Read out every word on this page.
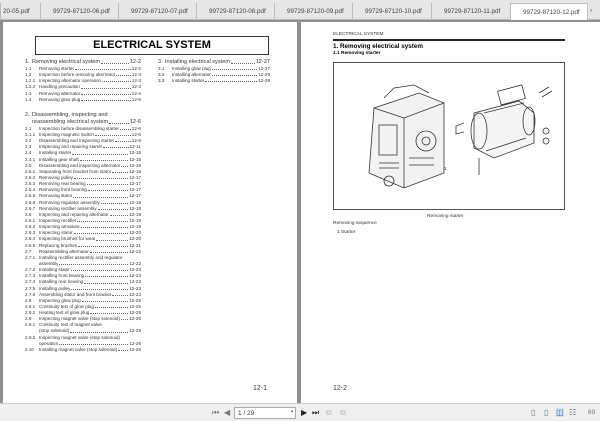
20-05.pdf	99729-87120-06.pdf	99729-87120-07.pdf	99729-87120-08.pdf	99729-87120-09.pdf	99729-87120-10.pdf	99729-87120-11.pdf	99729-87120-12.pdf	›
ELECTRICAL SYSTEM
1. Removing electrical system	12-2
1.1	Removing starter	12-2
1.2	Inspection before removing alternator	12-3
1.2.1 Inspecting alternator operation	12-3
1.2.2 Handling precaution	12-3
1.3	Removing alternator	12-4
1.4	Removing glow plug	12-5
2. Disassembling, inspecting and
reassembling electrical system	12-6
2.1	Inspection before disassembling starter	12-6
2.1.1 Inspecting magnetic switch	12-6
2.2	Disassembling and inspecting starter	12-8
2.3	Inspecting and repairing starter	12-11
2.4	Installing starter	12-15
2.4.1 Installing gear shaft	12-15
2.5	Disassembling and inspecting alternator 12-16
2.5.1 Separating front bracket from stator	12-16
2.5.2 Removing pulley	12-17
2.5.3 Removing rear bearing	12-17
2.5.4 Removing front bearing	12-17
2.5.5 Removing stator	12-17
2.5.6 Removing regulator assembly	12-18
2.5.7 Removing rectifier assembly	12-18
2.6	Inspecting and repairing alternator	12-19
2.6.1 Inspecting rectifier	12-19
2.6.2 Inspecting armature	12-19
2.6.3 Inspecting stator	12-20
2.6.4 Inspecting brushes for wear	12-20
2.6.5 Replacing brushes	12-21
2.7	Reassembling alternator	12-22
2.7.1 Installing rectifier assembly and regulator
assembly	12-22
2.7.2 Installing stator	12-23
2.7.3 Installing front bearing	12-23
2.7.4 Installing rear bearing	12-23
2.7.5 Installing pulley	12-23
2.7.6 Assembling stator and front bracket	12-24
2.8	Inspecting glow plug	12-25
2.8.1 Continuity test of glow plug	12-25
2.8.2 Heating test of glow plug	12-25
2.9	Inspecting magnet valve (stop solenoid) 12-26
2.9.1 Continuity test of magnet valve
(stop solenoid)	12-26
2.9.2 Inspecting magnet valve (stop solenoid)
operation	12-26
2.10	Installing magnet valve (stop solenoid)	12-26
3. Installing electrical system	12-27
3.1	Installing glow plug	12-27
3.2	Installing alternator	12-28
3.3	Installing starter	12-29
12-1
ELECTRICAL SYSTEM
1. Removing electrical system
1.1 Removing starter
1
Removing starter
Removing sequence
1 Starter
12-2
⏮ ◀	1 / 29	▪ ▶ ⏭ ⧉ ⧉	▯ ▯ ◫ ☷ 69
